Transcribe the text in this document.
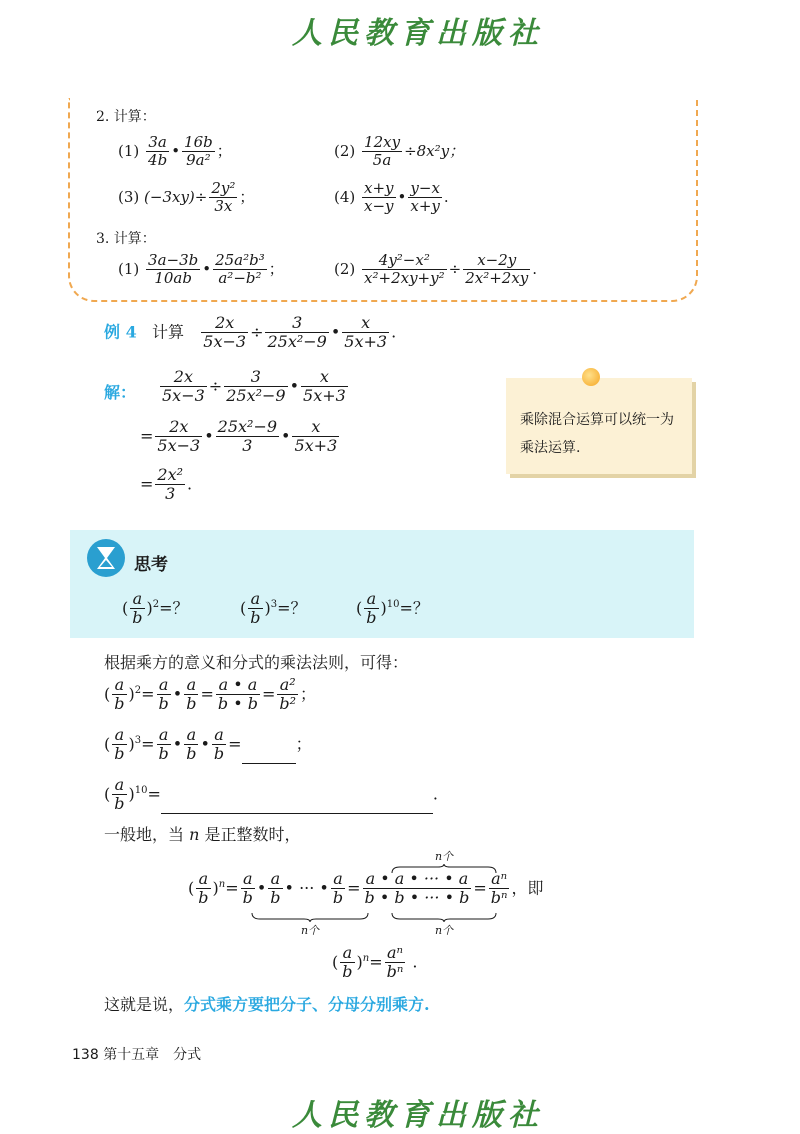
人民教育出版社
2. 计算：
$(1) \frac{3a}{4b}$ • $\frac{16b}{\text{9a²}}$ ；	$(2) \frac{12xy}{5a} \div 8x^2y$；
(3) $(-3xy)\div \frac{\text{2y²}}{3x}$ ；	$(4) \frac{x+y}{x-y}$ • $\frac{y-x}{x+y}$ .
3. 计算：
$(1) \frac{3a-3b}{10ab}$ • $\frac{\text{25a²b³}}{\text{a²−b²}}$ ；	$(2) \frac{\text{4y²−x²}}{\text{x²+2xy+y²}} \div \frac{x-2y}{\text{2x²+2xy}}$ .
例 4 计算 $\frac{2x}{5x-3} \div \frac{3}{\text{25x²−9}}$ • $\frac{x}{5x+3}$ .
解： $\frac{2x}{5x-3} \div \frac{3}{\text{25x²−9}}$ • $\frac{x}{5x+3}$
= $\frac{2x}{5x-3}$ • $\frac{\text{25x²−9}}{3}$ • $\frac{x}{5x+3}$
= $\frac{\text{2x²}}{3}$ .
乘除混合运算可以统一为乘法运算.
思考
( $\frac{a}{b} )^2=$？	( $\frac{a}{b} )^3=$？	( $\frac{a}{b} )^{10}=$？
根据乘方的意义和分式的乘法法则，可得：
( $\frac{a}{b} )^2= \frac{a}{b}$ • $\frac{a}{b} = \frac{a • a}{b • b} = \frac{\text{a²}}{\text{b²}}$ ；
( $\frac{a}{b} )^3= \frac{a}{b}$ • $\frac{a}{b}$ • $\frac{a}{b}$ =	；
( $\frac{a}{b} )^{10}=$	.
一般地，当 n 是正整数时，
( $\frac{a}{b} )^n= \frac{a}{b}$ • $\frac{a}{b}$ • ··· • $\frac{a}{b} = \frac{a • a • \cdot\cdot\cdot • a}{b • b • \cdot\cdot\cdot • b} = \frac{\text{aⁿ}}{\text{bⁿ}}$ ，即
n个
n个	n个
( $\frac{a}{b} )^n= \frac{\text{aⁿ}}{\text{bⁿ}}$ .
这就是说，分式乘方要把分子、分母分别乘方.
138 第十五章　分式
人民教育出版社
